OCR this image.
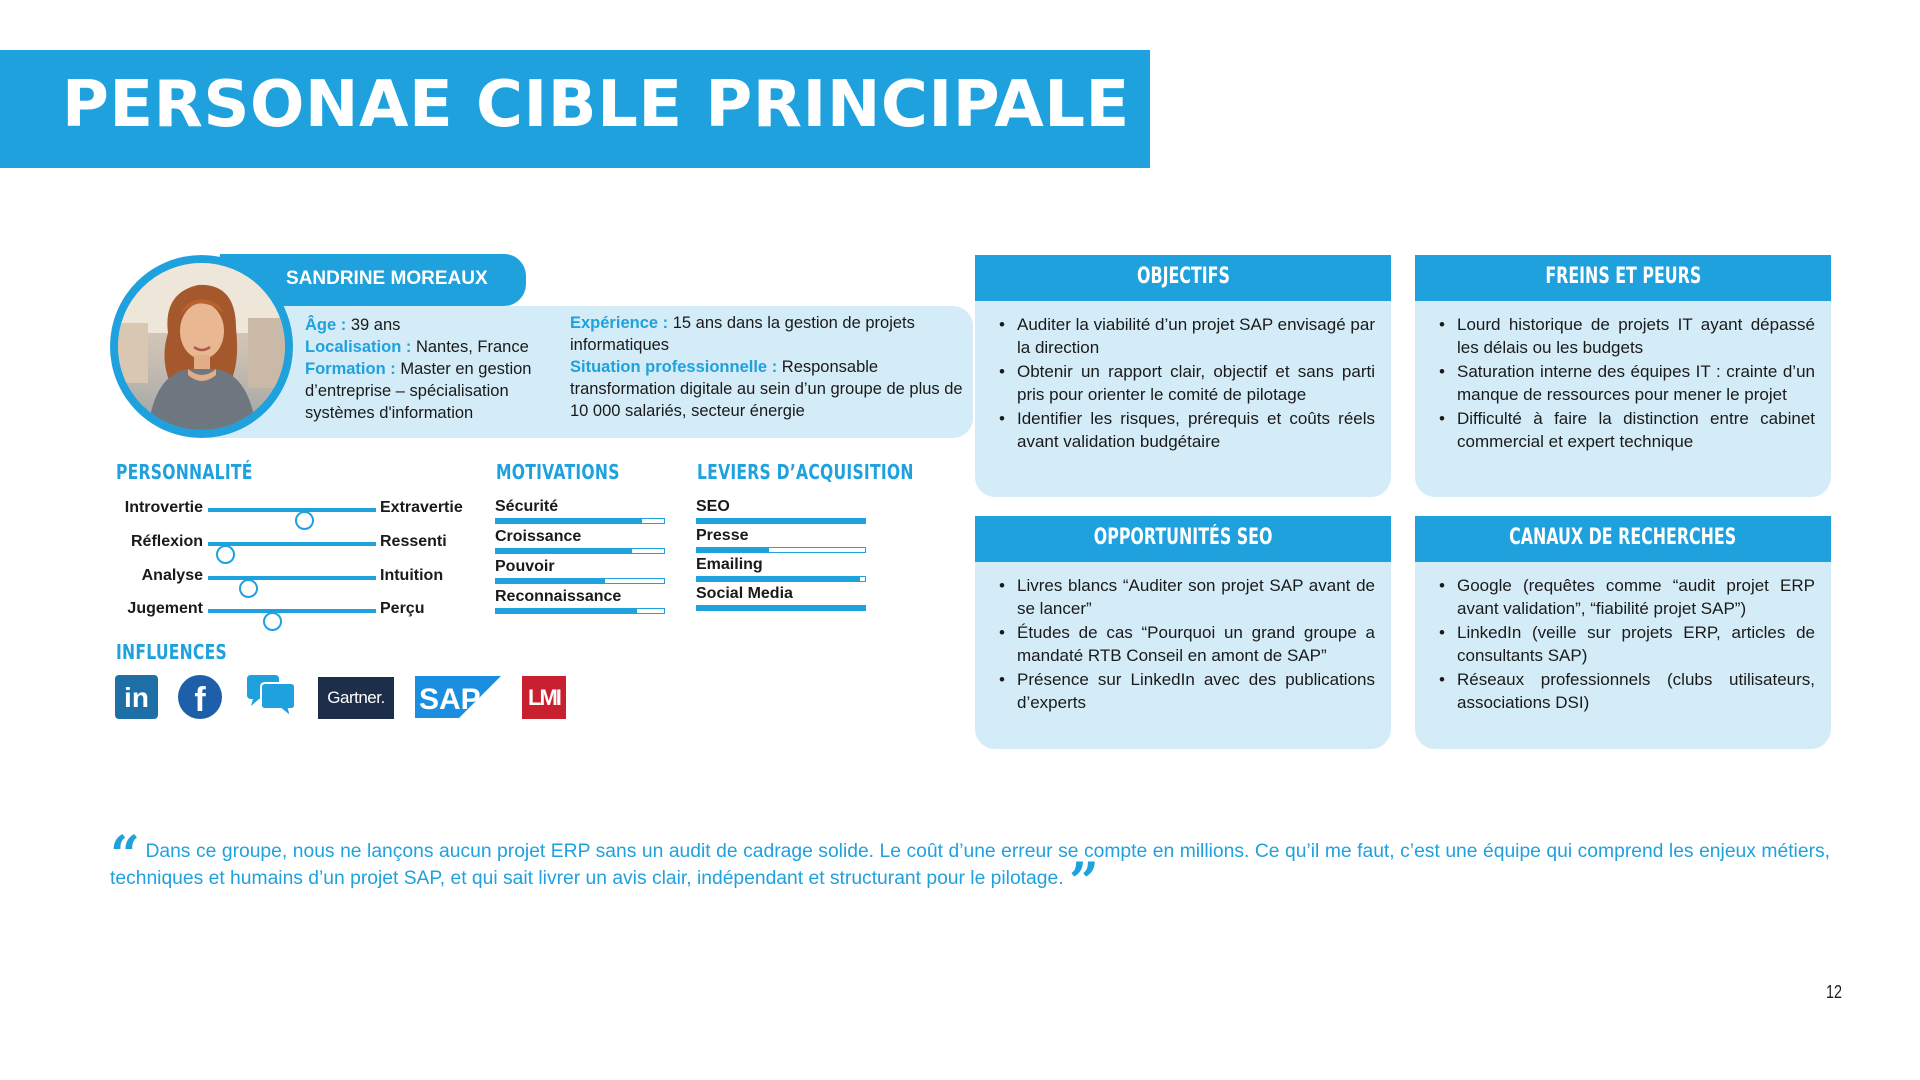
PERSONAE CIBLE PRINCIPALE
SANDRINE MOREAUX
Âge : 39 ans
Localisation : Nantes, France
Formation : Master en gestion d’entreprise – spécialisation systèmes d'information
Expérience : 15 ans dans la gestion de projets informatiques
Situation professionnelle : Responsable transformation digitale au sein d’un groupe de plus de 10 000 salariés, secteur énergie
PERSONNALITÉ
Introvertie	Extravertie
Réflexion	Ressenti
Analyse	Intuition
Jugement	Perçu
MOTIVATIONS
Sécurité
Croissance
Pouvoir
Reconnaissance
LEVIERS D’ACQUISITION
SEO
Presse
Emailing
Social Media
INFLUENCES
in	f	Gartner.	SAP LMI
OBJECTIFS
• Auditer la viabilité d’un projet SAP envisagé par la direction
• Obtenir un rapport clair, objectif et sans parti pris pour orienter le comité de pilotage
• Identifier les risques, prérequis et coûts réels avant validation budgétaire
FREINS ET PEURS
• Lourd historique de projets IT ayant dépassé les délais ou les budgets
• Saturation interne des équipes IT : crainte d’un manque de ressources pour mener le projet
• Difficulté à faire la distinction entre cabinet commercial et expert technique
OPPORTUNITÉS SEO
• Livres blancs “Auditer son projet SAP avant de se lancer”
• Études de cas “Pourquoi un grand groupe a mandaté RTB Conseil en amont de SAP”
• Présence sur LinkedIn avec des publications d’experts
CANAUX DE RECHERCHES
• Google (requêtes comme “audit projet ERP avant validation”, “fiabilité projet SAP”)
• LinkedIn (veille sur projets ERP, articles de consultants SAP)
• Réseaux professionnels (clubs utilisateurs, associations DSI)
“ Dans ce groupe, nous ne lançons aucun projet ERP sans un audit de cadrage solide. Le coût d’une erreur se compte en millions. Ce qu’il me faut, c’est une équipe qui comprend les enjeux métiers, techniques et humains d’un projet SAP, et qui sait livrer un avis clair, indépendant et structurant pour le pilotage. ”
12
